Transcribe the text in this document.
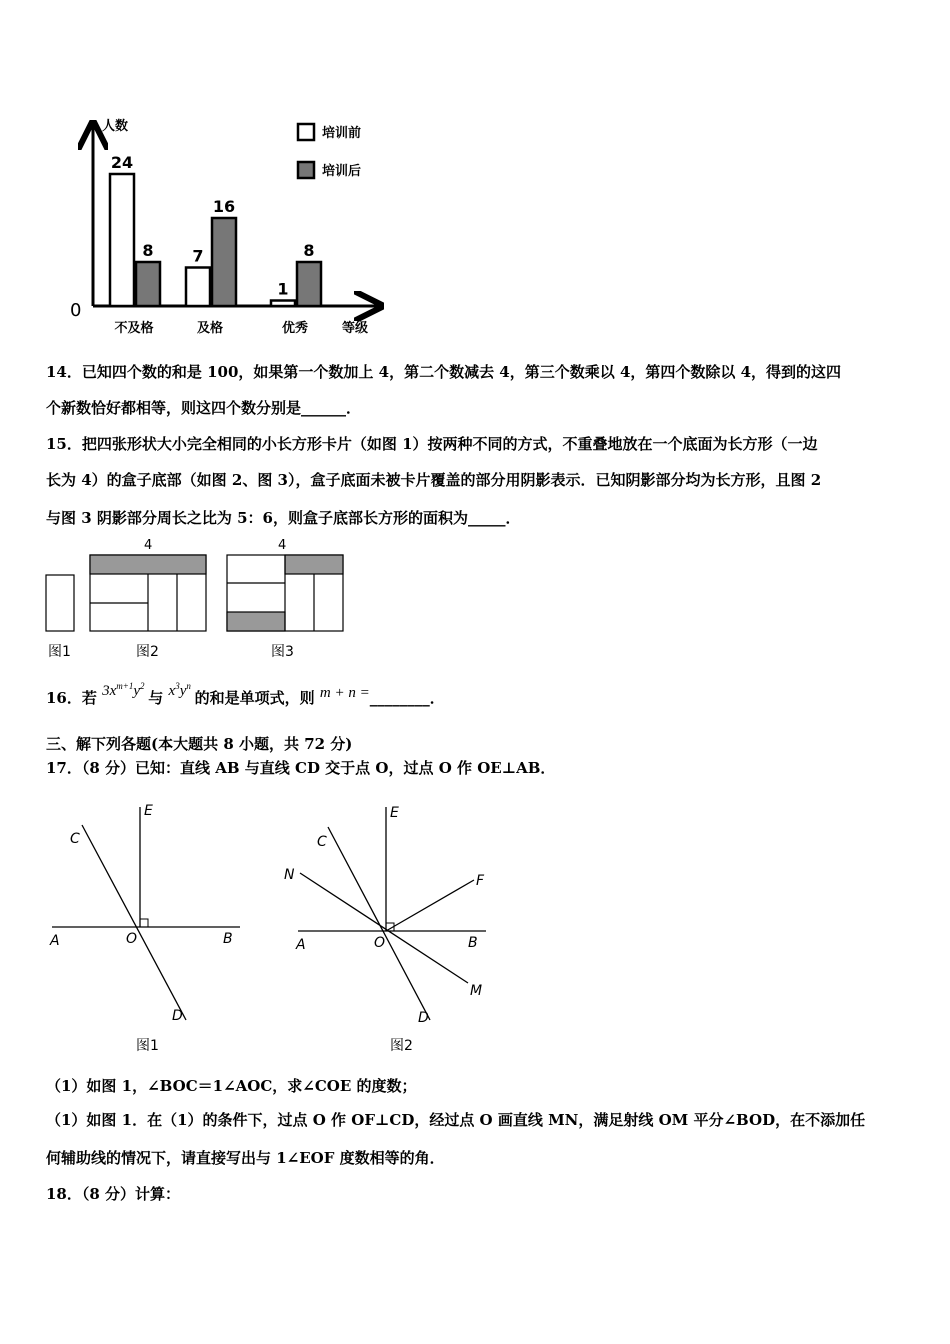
人数
0
等级
24
8
不及格
7
16
及格
1
8
优秀
培训前
培训后
14．已知四个数的和是 100，如果第一个数加上 4，第二个数减去 4，第三个数乘以 4，第四个数除以 4，得到的这四
个新数恰好都相等，则这四个数分别是______．
15．把四张形状大小完全相同的小长方形卡片（如图 1）按两种不同的方式，不重叠地放在一个底面为长方形（一边
长为 4）的盒子底部（如图 2、图 3），盒子底面未被卡片覆盖的部分用阴影表示．已知阴影部分均为长方形，且图 2
与图 3 阴影部分周长之比为 5：6，则盒子底部长方形的面积为_____．
4	4
图1	图2	图3
16．若 $3x^{m+1}y^2$ 与 $x^3y^n$ 的和是单项式，则 m + n =________．
三、解下列各题(本大题共 8 小题，共 72 分)
17．（8 分）已知：直线 AB 与直线 CD 交于点 O，过点 O 作 OE⊥AB．
E
C
A	O	B
D
图1
E
C
N	F
A	O	B
M
D
图2
（1）如图 1，∠BOC＝1∠AOC，求∠COE 的度数；
（1）如图 1．在（1）的条件下，过点 O 作 OF⊥CD，经过点 O 画直线 MN，满足射线 OM 平分∠BOD，在不添加任
何辅助线的情况下，请直接写出与 1∠EOF 度数相等的角．
18．（8 分）计算：
